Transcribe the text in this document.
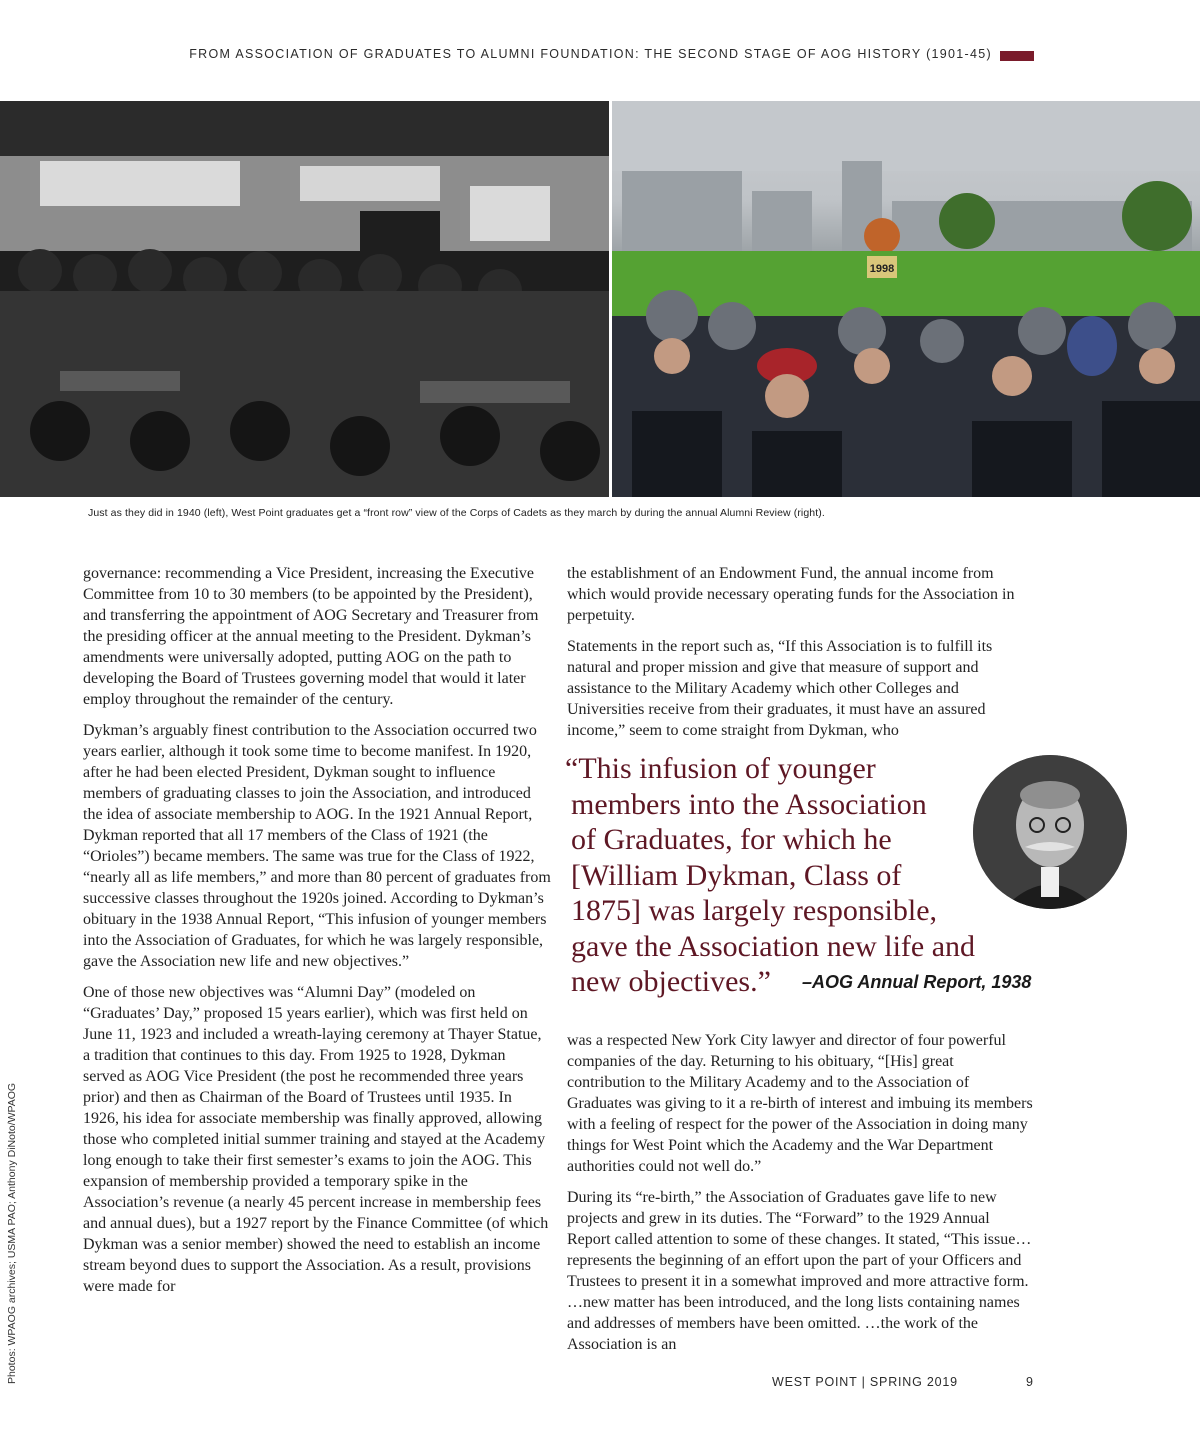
FROM ASSOCIATION OF GRADUATES TO ALUMNI FOUNDATION: THE SECOND STAGE OF AOG HISTORY (1901-45)
1998
Just as they did in 1940 (left), West Point graduates get a “front row” view of the Corps of Cadets as they march by during the annual Alumni Review (right).

governance: recommending a Vice President, increasing the Executive Committee from 10 to 30 members (to be appointed by the President), and transferring the appointment of AOG Secretary and Treasurer from the presiding officer at the annual meeting to the President. Dykman’s amendments were universally adopted, putting AOG on the path to developing the Board of Trustees governing model that would it later employ throughout the remainder of the century.

Dykman’s arguably finest contribution to the Association occurred two years earlier, although it took some time to become manifest. In 1920, after he had been elected President, Dykman sought to influence members of graduating classes to join the Association, and introduced the idea of associate membership to AOG. In the 1921 Annual Report, Dykman reported that all 17 members of the Class of 1921 (the “Orioles”) became members. The same was true for the Class of 1922, “nearly all as life members,” and more than 80 percent of graduates from successive classes throughout the 1920s joined. According to Dykman’s obituary in the 1938 Annual Report, “This infusion of younger members into the Association of Graduates, for which he was largely responsible, gave the Association new life and new objectives.”

One of those new objectives was “Alumni Day” (modeled on “Graduates’ Day,” proposed 15 years earlier), which was first held on June 11, 1923 and included a wreath-laying ceremony at Thayer Statue, a tradition that continues to this day. From 1925 to 1928, Dykman served as AOG Vice President (the post he recommended three years prior) and then as Chairman of the Board of Trustees until 1935. In 1926, his idea for associate membership was finally approved, allowing those who completed initial summer training and stayed at the Academy long enough to take their first semester’s exams to join the AOG. This expansion of membership provided a temporary spike in the Association’s revenue (a nearly 45 percent increase in membership fees and annual dues), but a 1927 report by the Finance Committee (of which Dykman was a senior member) showed the need to establish an income stream beyond dues to support the Association. As a result, provisions were made for

the establishment of an Endowment Fund, the annual income from which would provide necessary operating funds for the Association in perpetuity.

Statements in the report such as, “If this Association is to fulfill its natural and proper mission and give that measure of support and assistance to the Military Academy which other Colleges and Universities receive from their graduates, it must have an assured income,” seem to come straight from Dykman, who

“This infusion of younger
members into the Association
of Graduates, for which he
[William Dykman, Class of
1875] was largely responsible,
gave the Association new life and
new objectives.”	–AOG Annual Report, 1938

was a respected New York City lawyer and director of four powerful companies of the day. Returning to his obituary, “[His] great contribution to the Military Academy and to the Association of Graduates was giving to it a re-birth of interest and imbuing its members with a feeling of respect for the power of the Association in doing many things for West Point which the Academy and the War Department authorities could not well do.”

During its “re-birth,” the Association of Graduates gave life to new projects and grew in its duties. The “Forward” to the 1929 Annual Report called attention to some of these changes. It stated, “This issue…represents the beginning of an effort upon the part of your Officers and Trustees to present it in a somewhat improved and more attractive form. …new matter has been introduced, and the long lists containing names and addresses of members have been omitted. …the work of the Association is an

Photos: WPAOG archives; USMA PAO; Anthony DiNoto/WPAOG	WEST POINT | SPRING 2019	9
